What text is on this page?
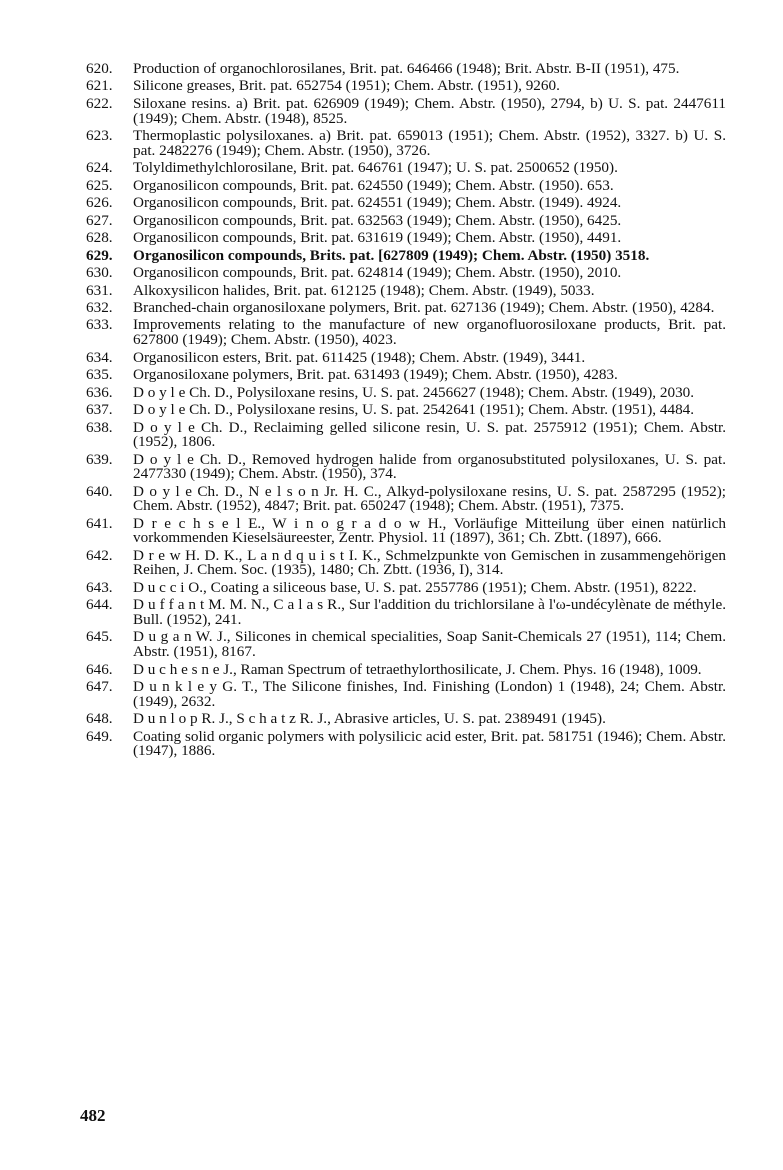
620.	Production of organochlorosilanes, Brit. pat. 646466 (1948); Brit. Abstr. B-II (1951), 475.
621.	Silicone greases, Brit. pat. 652754 (1951); Chem. Abstr. (1951), 9260.
622.	Siloxane resins. a) Brit. pat. 626909 (1949); Chem. Abstr. (1950), 2794, b) U. S. pat. 2447611 (1949); Chem. Abstr. (1948), 8525.
623.	Thermoplastic polysiloxanes. a) Brit. pat. 659013 (1951); Chem. Abstr. (1952), 3327. b) U. S. pat. 2482276 (1949); Chem. Abstr. (1950), 3726.
624.	Tolyldimethylchlorosilane, Brit. pat. 646761 (1947); U. S. pat. 2500652 (1950).
625.	Organosilicon compounds, Brit. pat. 624550 (1949); Chem. Abstr. (1950). 653.
626.	Organosilicon compounds, Brit. pat. 624551 (1949); Chem. Abstr. (1949). 4924.
627.	Organosilicon compounds, Brit. pat. 632563 (1949); Chem. Abstr. (1950), 6425.
628.	Organosilicon compounds, Brit. pat. 631619 (1949); Chem. Abstr. (1950), 4491.
629.	Organosilicon compounds, Brits. pat. [627809 (1949); Chem. Abstr. (1950) 3518.
630.	Organosilicon compounds, Brit. pat. 624814 (1949); Chem. Abstr. (1950), 2010.
631.	Alkoxysilicon halides, Brit. pat. 612125 (1948); Chem. Abstr. (1949), 5033.
632.	Branched-chain organosiloxane polymers, Brit. pat. 627136 (1949); Chem. Abstr. (1950), 4284.
633.	Improvements relating to the manufacture of new organofluorosiloxane products, Brit. pat. 627800 (1949); Chem. Abstr. (1950), 4023.
634.	Organosilicon esters, Brit. pat. 611425 (1948); Chem. Abstr. (1949), 3441.
635.	Organosiloxane polymers, Brit. pat. 631493 (1949); Chem. Abstr. (1950), 4283.
636.	D o y l e Ch. D., Polysiloxane resins, U. S. pat. 2456627 (1948); Chem. Abstr. (1949), 2030.
637.	D o y l e Ch. D., Polysiloxane resins, U. S. pat. 2542641 (1951); Chem. Abstr. (1951), 4484.
638.	D o y l e Ch. D., Reclaiming gelled silicone resin, U. S. pat. 2575912 (1951); Chem. Abstr. (1952), 1806.
639.	D o y l e Ch. D., Removed hydrogen halide from organosubstituted polysiloxanes, U. S. pat. 2477330 (1949); Chem. Abstr. (1950), 374.
640.	D o y l e Ch. D., N e l s o n Jr. H. C., Alkyd-polysiloxane resins, U. S. pat. 2587295 (1952); Chem. Abstr. (1952), 4847; Brit. pat. 650247 (1948); Chem. Abstr. (1951), 7375.
641.	D r e c h s e l E., W i n o g r a d o w H., Vorläufige Mitteilung über einen natürlich vorkommenden Kieselsäureester, Zentr. Physiol. 11 (1897), 361; Ch. Zbtt. (1897), 666.
642.	D r e w H. D. K., L a n d q u i s t I. K., Schmelzpunkte von Gemischen in zusammengehörigen Reihen, J. Chem. Soc. (1935), 1480; Ch. Zbtt. (1936, I), 314.
643.	D u c c i O., Coating a siliceous base, U. S. pat. 2557786 (1951); Chem. Abstr. (1951), 8222.
644.	D u f f a n t M. M. N., C a l a s R., Sur l'addition du trichlorsilane à l'ω-undécylènate de méthyle. Bull. (1952), 241.
645.	D u g a n W. J., Silicones in chemical specialities, Soap Sanit-Chemicals 27 (1951), 114; Chem. Abstr. (1951), 8167.
646.	D u c h e s n e J., Raman Spectrum of tetraethylorthosilicate, J. Chem. Phys. 16 (1948), 1009.
647.	D u n k l e y G. T., The Silicone finishes, Ind. Finishing (London) 1 (1948), 24; Chem. Abstr. (1949), 2632.
648.	D u n l o p R. J., S c h a t z R. J., Abrasive articles, U. S. pat. 2389491 (1945).
649.	Coating solid organic polymers with polysilicic acid ester, Brit. pat. 581751 (1946); Chem. Abstr. (1947), 1886.
482
